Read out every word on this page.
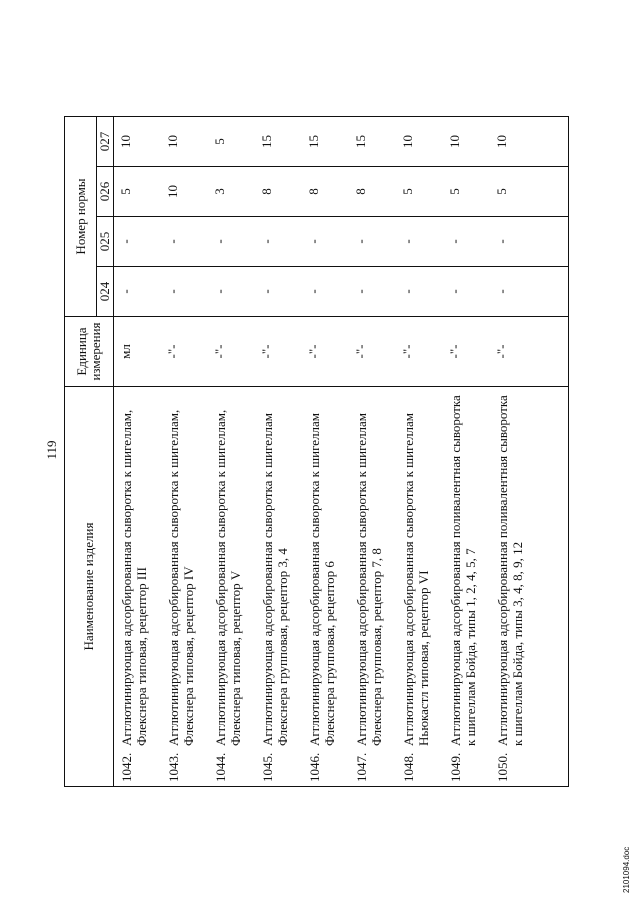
119
Наименование изделия	Единица измерения	Номер нормы			
		024	025	026	027

1042.
Агглютинирующая адсорбированная сыворотка к шигеллам, Флекснера типовая, рецептор III	мл	-	-	5	10

1043.
Агглютинирующая адсорбированная сыворотка к шигеллам, Флекснера типовая, рецептор IV	-"-	-	-	10	10

1044.
Агглютинирующая адсорбированная сыворотка к шигеллам, Флекснера типовая, рецептор V	-"-	-	-	3	5

1045.
Агглютинирующая адсорбированная сыворотка к шигеллам Флекснера групповая, рецептор 3, 4	-"-	-	-	8	15

1046.
Агглютинирующая адсорбированная сыворотка к шигеллам Флекснера групповая, рецептор 6	-"-	-	-	8	15

1047.
Агглютинирующая адсорбированная сыворотка к шигеллам Флекснера групповая, рецептор 7, 8	-"-	-	-	8	15

1048.
Агглютинирующая адсорбированная сыворотка к шигеллам Ньюкастл типовая, рецептор VI	-"-	-	-	5	10

1049.
Агглютинирующая адсорбированная поливалентная сыворотка к шигеллам Бойда, типы 1, 2, 4, 5, 7	-"-	-	-	5	10

1050.
Агглютинирующая адсорбированная поливалентная сыворотка к шигеллам Бойда, типы 3, 4, 8, 9, 12	-"-	-	-	5	10
2101094.doc
